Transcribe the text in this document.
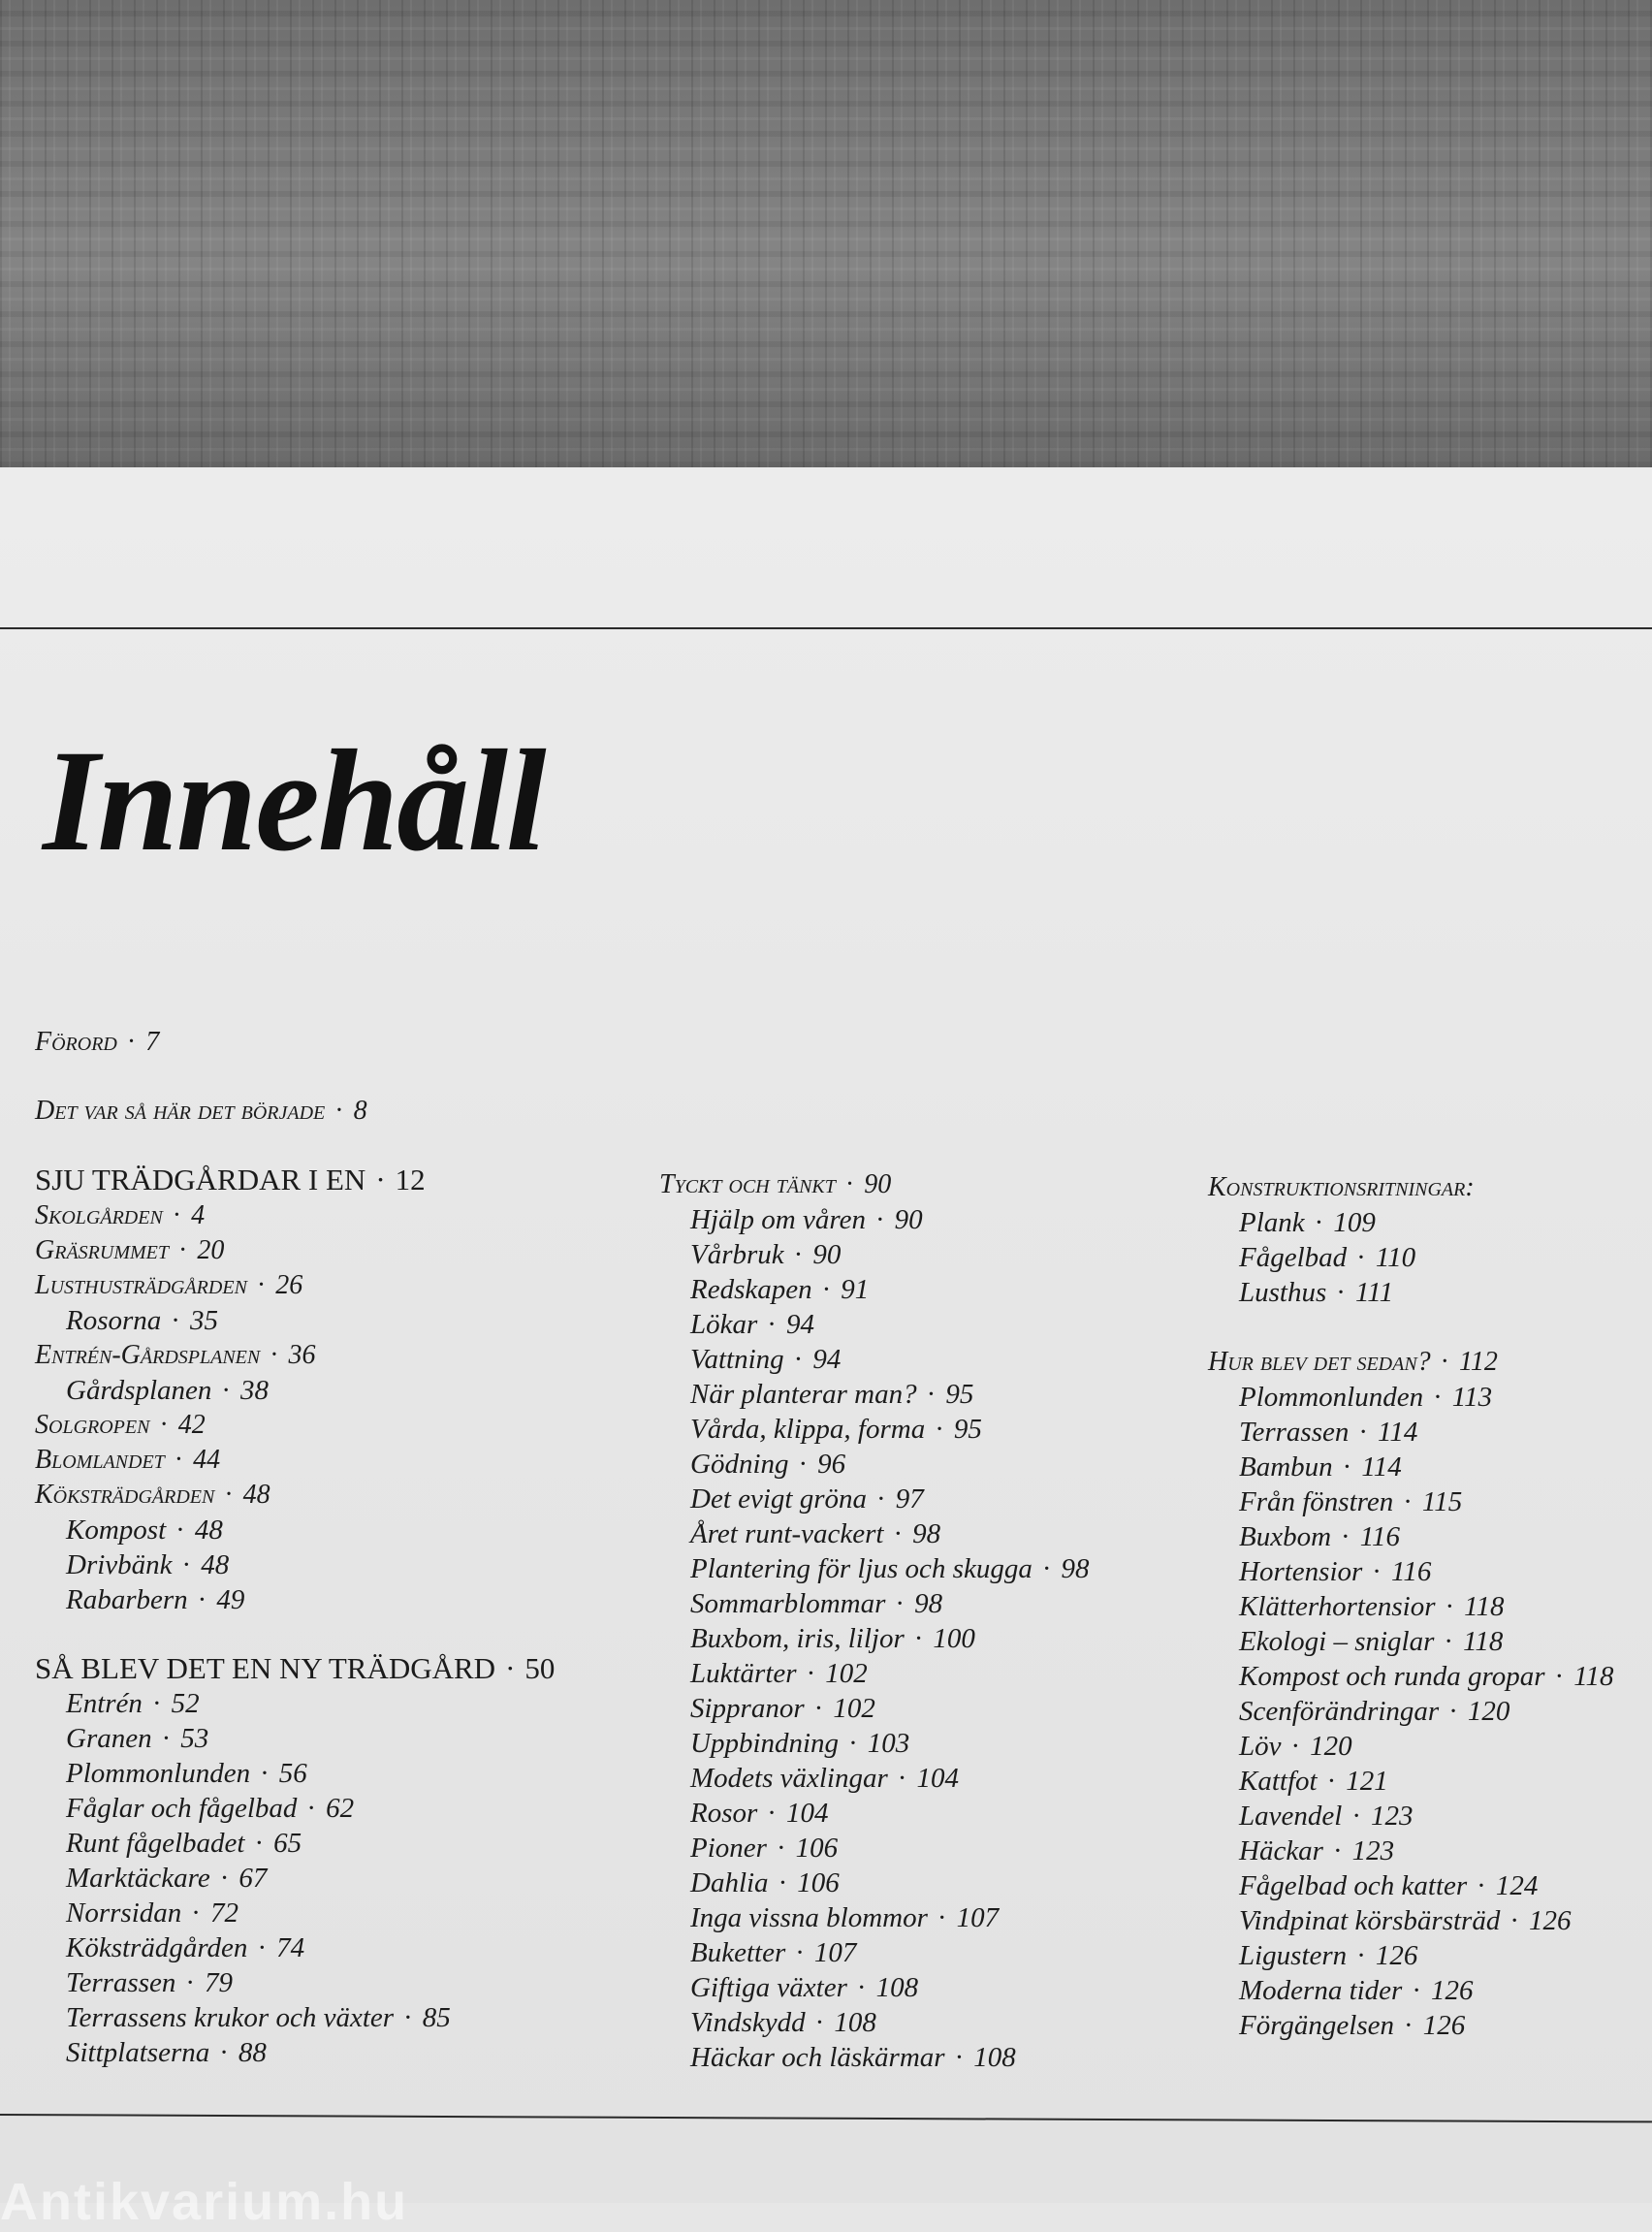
Innehåll
Förord · 7
Det var så här det började · 8
SJU TRÄDGÅRDAR I EN · 12
Skolgården · 4
Gräsrummet · 20
Lusthusträdgården · 26
Rosorna · 35
Entrén-Gårdsplanen · 36
Gårdsplanen · 38
Solgropen · 42
Blomlandet · 44
Köksträdgården · 48
Kompost · 48
Drivbänk · 48
Rabarbern · 49
SÅ BLEV DET EN NY TRÄDGÅRD · 50
Entrén · 52
Granen · 53
Plommonlunden · 56
Fåglar och fågelbad · 62
Runt fågelbadet · 65
Marktäckare · 67
Norrsidan · 72
Köksträdgården · 74
Terrassen · 79
Terrassens krukor och växter · 85
Sittplatserna · 88
Tyckt och tänkt · 90
Hjälp om våren · 90
Vårbruk · 90
Redskapen · 91
Lökar · 94
Vattning · 94
När planterar man? · 95
Vårda, klippa, forma · 95
Gödning · 96
Det evigt gröna · 97
Året runt-vackert · 98
Plantering för ljus och skugga · 98
Sommarblommar · 98
Buxbom, iris, liljor · 100
Luktärter · 102
Sippranor · 102
Uppbindning · 103
Modets växlingar · 104
Rosor · 104
Pioner · 106
Dahlia · 106
Inga vissna blommor · 107
Buketter · 107
Giftiga växter · 108
Vindskydd · 108
Häckar och läskärmar · 108
Konstruktionsritningar:
Plank · 109
Fågelbad · 110
Lusthus · 111
Hur blev det sedan? · 112
Plommonlunden · 113
Terrassen · 114
Bambun · 114
Från fönstren · 115
Buxbom · 116
Hortensior · 116
Klätterhortensior · 118
Ekologi – sniglar · 118
Kompost och runda gropar · 118
Scenförändringar · 120
Löv · 120
Kattfot · 121
Lavendel · 123
Häckar · 123
Fågelbad och katter · 124
Vindpinat körsbärsträd · 126
Ligustern · 126
Moderna tider · 126
Förgängelsen · 126
Antikvarium.hu
